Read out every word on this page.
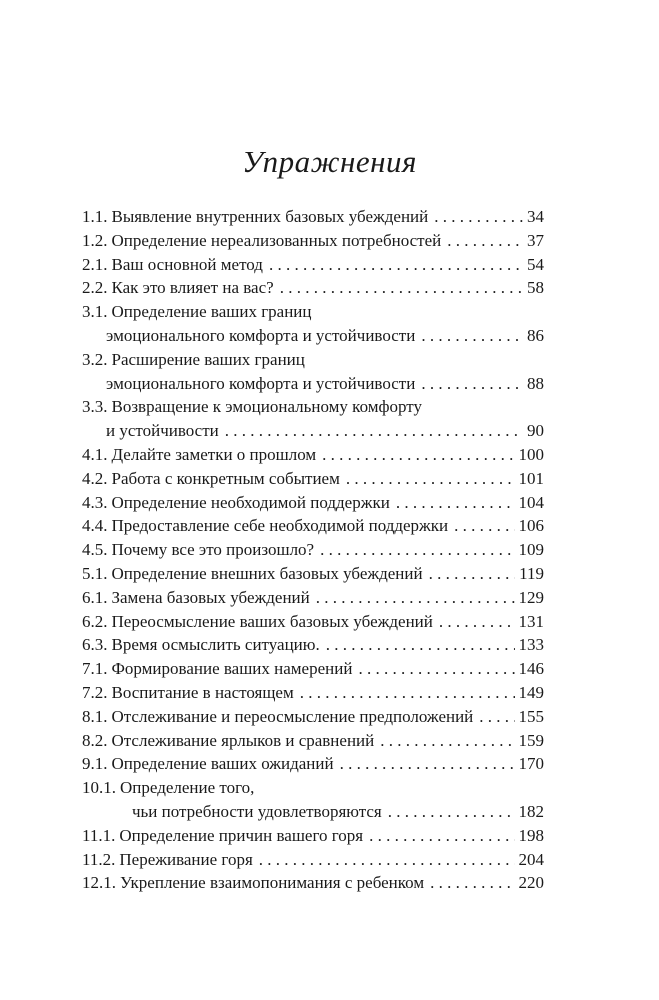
Упражнения
1.1. Выявление внутренних базовых убеждений . . .	34
1.2. Определение нереализованных потребностей . . .	37
2.1. Ваш основной метод . . .	54
2.2. Как это влияет на вас? . . .	58
3.1. Определение ваших границ
эмоционального комфорта и устойчивости . . .	86
3.2. Расширение ваших границ
эмоционального комфорта и устойчивости . . .	88
3.3. Возвращение к эмоциональному комфорту
и устойчивости . . .	90
4.1. Делайте заметки о прошлом . . .	100
4.2. Работа с конкретным событием . . .	101
4.3. Определение необходимой поддержки . . .	104
4.4. Предоставление себе необходимой поддержки . . .	106
4.5. Почему все это произошло? . . .	109
5.1. Определение внешних базовых убеждений . . .	119
6.1. Замена базовых убеждений . . .	129
6.2. Переосмысление ваших базовых убеждений . . .	131
6.3. Время осмыслить ситуацию. . . .	133
7.1. Формирование ваших намерений . . .	146
7.2. Воспитание в настоящем . . .	149
8.1. Отслеживание и переосмысление предположений . . .	155
8.2. Отслеживание ярлыков и сравнений . . .	159
9.1. Определение ваших ожиданий . . .	170
10.1. Определение того,
чьи потребности удовлетворяются . . .	182
11.1. Определение причин вашего горя . . .	198
11.2. Переживание горя . . .	204
12.1. Укрепление взаимопонимания с ребенком . . .	220
